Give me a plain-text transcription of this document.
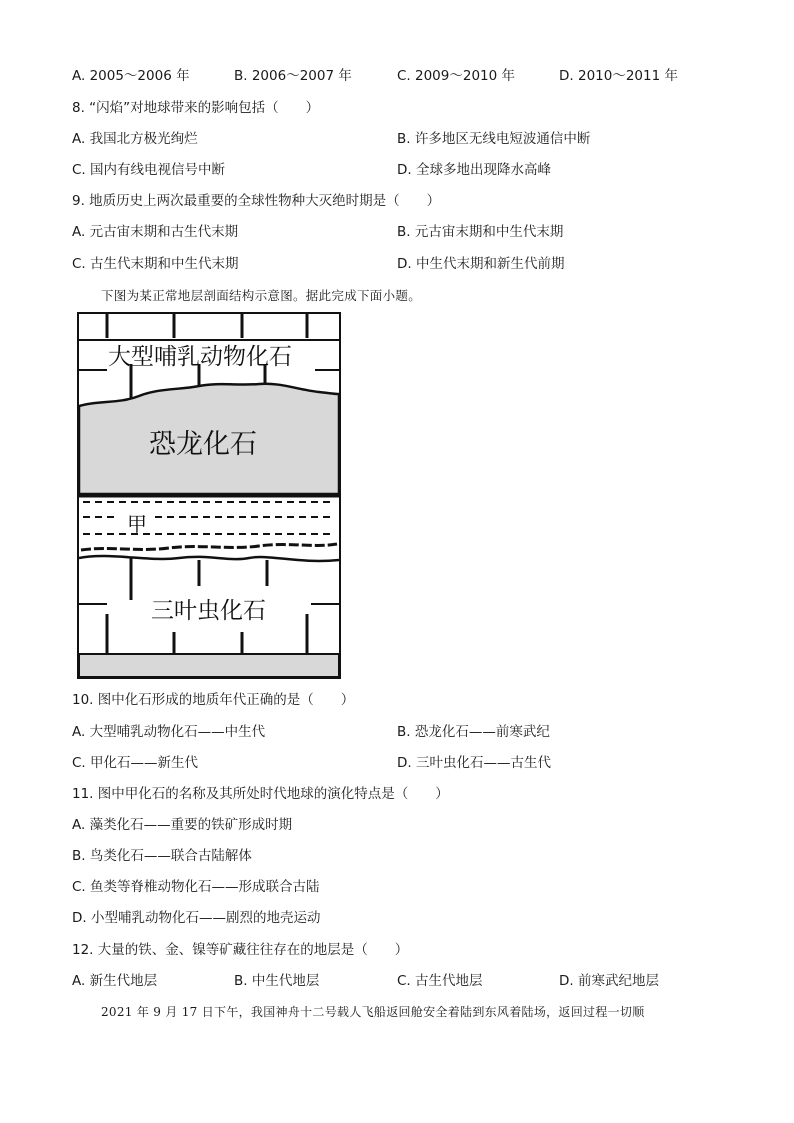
A. 2005～2006 年	B. 2006～2007 年	C. 2009～2010 年	D. 2010～2011 年
8. “闪焰”对地球带来的影响包括（　　）
A. 我国北方极光绚烂	B. 许多地区无线电短波通信中断
C. 国内有线电视信号中断	D. 全球多地出现降水高峰
9. 地质历史上两次最重要的全球性物种大灭绝时期是（　　）
A. 元古宙末期和古生代末期	B. 元古宙末期和中生代末期
C. 古生代末期和中生代末期	D. 中生代末期和新生代前期
下图为某正常地层剖面结构示意图。据此完成下面小题。
大型哺乳动物化石
恐龙化石
甲
三叶虫化石
10. 图中化石形成的地质年代正确的是（　　）
A. 大型哺乳动物化石——中生代	B. 恐龙化石——前寒武纪
C. 甲化石——新生代	D. 三叶虫化石——古生代
11. 图中甲化石的名称及其所处时代地球的演化特点是（　　）
A. 藻类化石——重要的铁矿形成时期
B. 鸟类化石——联合古陆解体
C. 鱼类等脊椎动物化石——形成联合古陆
D. 小型哺乳动物化石——剧烈的地壳运动
12. 大量的铁、金、镍等矿藏往往存在的地层是（　　）
A. 新生代地层	B. 中生代地层	C. 古生代地层	D. 前寒武纪地层
2021 年 9 月 17 日下午，我国神舟十二号载人飞船返回舱安全着陆到东风着陆场，返回过程一切顺
